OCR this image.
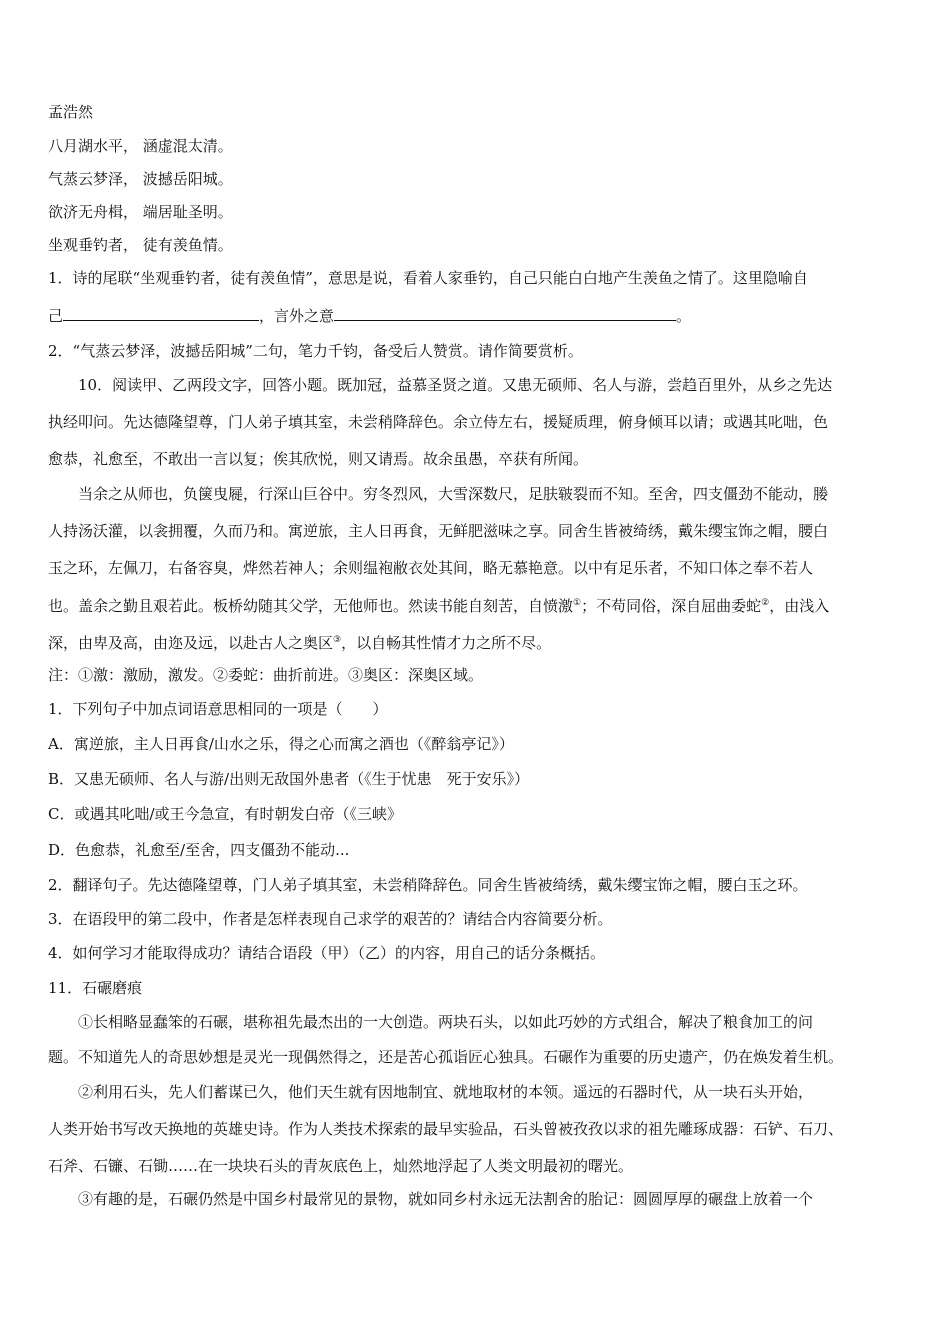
孟浩然
八月湖水平， 涵虚混太清。
气蒸云梦泽， 波撼岳阳城。
欲济无舟楫， 端居耻圣明。
坐观垂钓者， 徒有羡鱼情。
1．诗的尾联“坐观垂钓者，徒有羡鱼情”，意思是说，看着人家垂钓，自己只能白白地产生羡鱼之情了。这里隐喻自
己	，言外之意	。
2．“气蒸云梦泽，波撼岳阳城”二句，笔力千钧，备受后人赞赏。请作简要赏析。
10．阅读甲、乙两段文字，回答小题。既加冠，益慕圣贤之道。又患无硕师、名人与游，尝趋百里外，从乡之先达
执经叩问。先达德隆望尊，门人弟子填其室，未尝稍降辞色。余立侍左右，援疑质理，俯身倾耳以请；或遇其叱咄，色
愈恭，礼愈至，不敢出一言以复；俟其欣悦，则又请焉。故余虽愚，卒获有所闻。
当余之从师也，负箧曳屣，行深山巨谷中。穷冬烈风，大雪深数尺，足肤皲裂而不知。至舍，四支僵劲不能动，媵
人持汤沃灌，以衾拥覆，久而乃和。寓逆旅，主人日再食，无鲜肥滋味之享。同舍生皆被绮绣，戴朱缨宝饰之帽，腰白
玉之环，左佩刀，右备容臭，烨然若神人；余则缊袍敝衣处其间，略无慕艳意。以中有足乐者，不知口体之奉不若人
也。盖余之勤且艰若此。板桥幼随其父学，无他师也。然读书能自刻苦，自愤激①；不苟同俗，深自屈曲委蛇②，由浅入
深，由卑及高，由迩及远，以赴古人之奥区③，以自畅其性情才力之所不尽。
注：①激：激励，激发。②委蛇：曲折前进。③奥区：深奥区域。
1．下列句子中加点词语意思相同的一项是（　　）
A．寓逆旅，主人日再食/山水之乐，得之心而寓之酒也（《醉翁亭记》）
B．又患无硕师、名人与游/出则无敌国外患者（《生于忧患　死于安乐》）
C．或遇其叱咄/或王今急宣，有时朝发白帝（《三峡》
D．色愈恭，礼愈至/至舍，四支僵劲不能动...
2．翻译句子。先达德隆望尊，门人弟子填其室，未尝稍降辞色。同舍生皆被绮绣，戴朱缨宝饰之帽，腰白玉之环。
3．在语段甲的第二段中，作者是怎样表现自己求学的艰苦的？请结合内容简要分析。
4．如何学习才能取得成功？请结合语段（甲）（乙）的内容，用自己的话分条概括。
11．石碾磨痕
①长相略显蠢笨的石碾，堪称祖先最杰出的一大创造。两块石头，以如此巧妙的方式组合，解决了粮食加工的问
题。不知道先人的奇思妙想是灵光一现偶然得之，还是苦心孤诣匠心独具。石碾作为重要的历史遗产，仍在焕发着生机。
②利用石头，先人们蓄谋已久，他们天生就有因地制宜、就地取材的本领。遥远的石器时代，从一块石头开始，
人类开始书写改天换地的英雄史诗。作为人类技术探索的最早实验品，石头曾被孜孜以求的祖先雕琢成器：石铲、石刀、
石斧、石镰、石锄……在一块块石头的青灰底色上，灿然地浮起了人类文明最初的曙光。
③有趣的是，石碾仍然是中国乡村最常见的景物，就如同乡村永远无法割舍的胎记：圆圆厚厚的碾盘上放着一个
